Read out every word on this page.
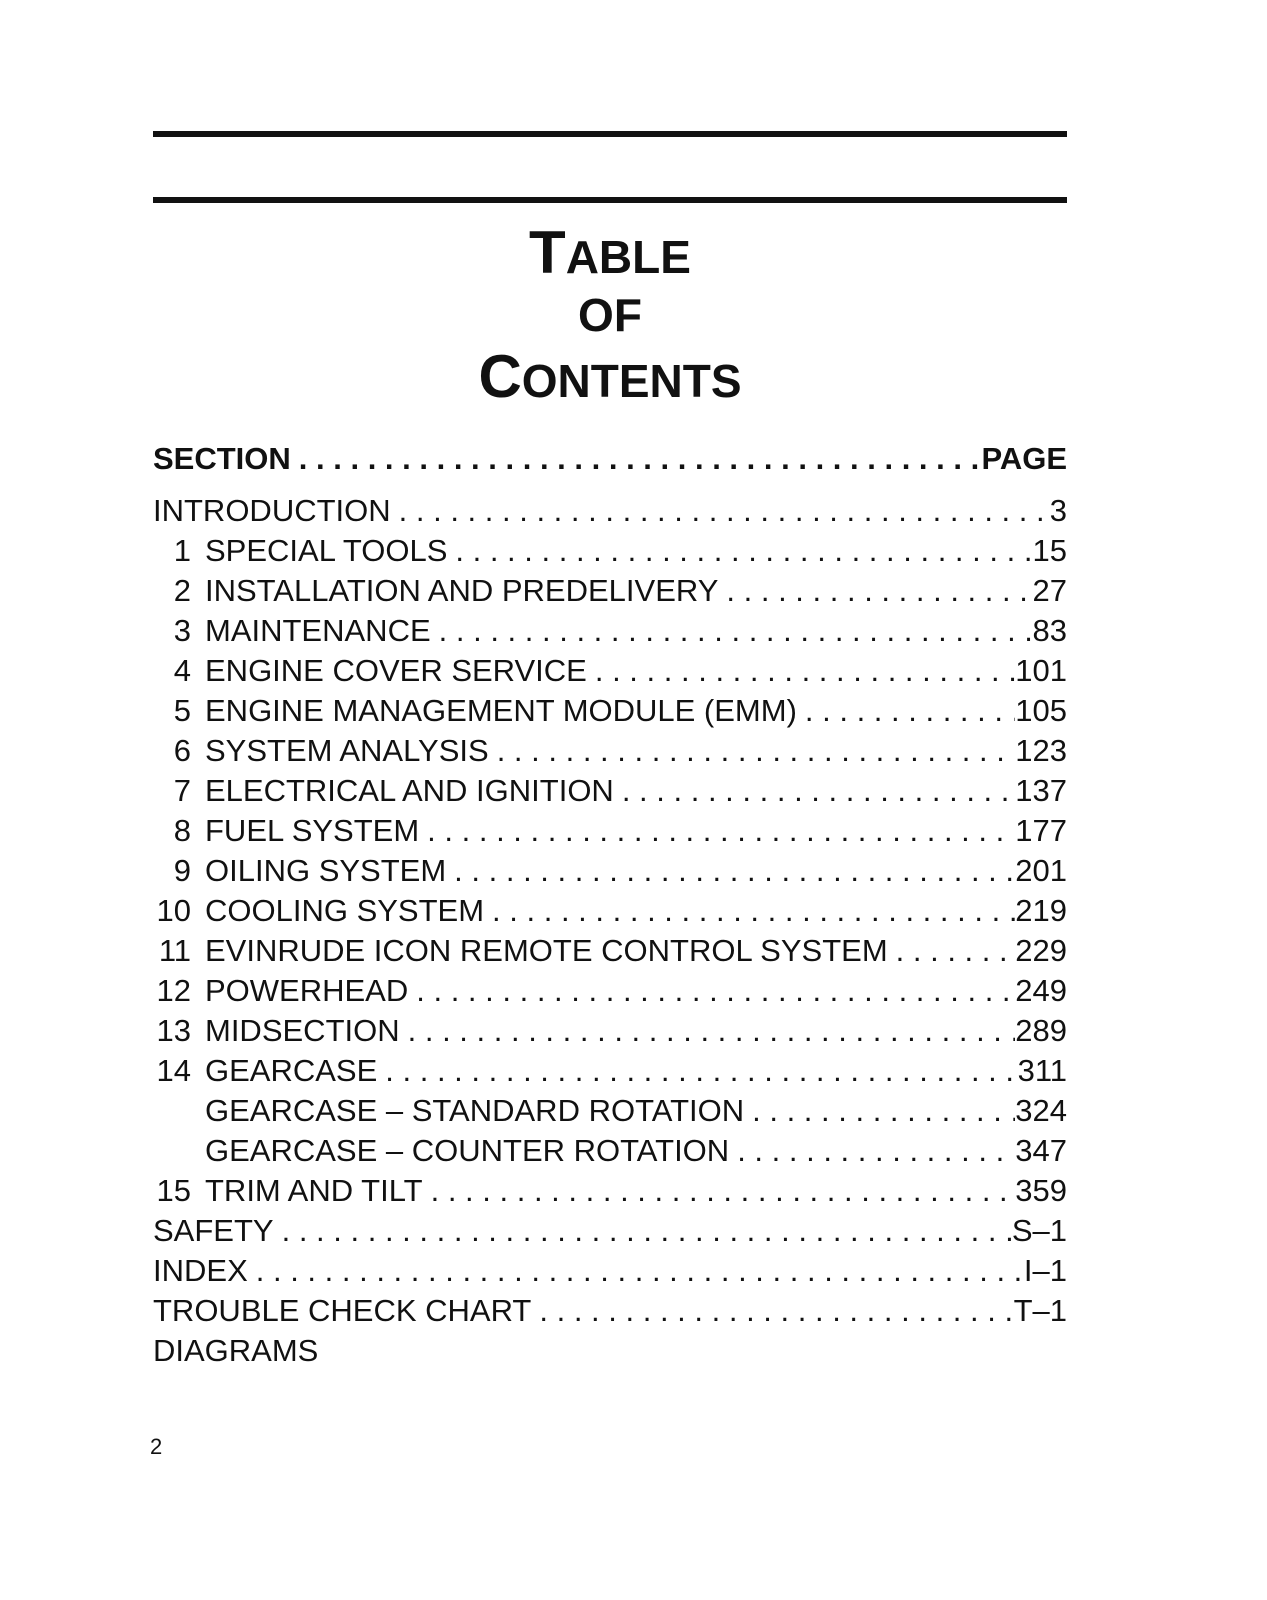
TABLE
OF
CONTENTS
SECTION . . .	PAGE
INTRODUCTION . . .	3
1 SPECIAL TOOLS . . .	15
2 INSTALLATION AND PREDELIVERY . . .	27
3 MAINTENANCE . . .	83
4 ENGINE COVER SERVICE . . .	101
5 ENGINE MANAGEMENT MODULE (EMM) . . .	105
6 SYSTEM ANALYSIS . . .	123
7 ELECTRICAL AND IGNITION . . .	137
8 FUEL SYSTEM . . .	177
9 OILING SYSTEM . . .	201
10 COOLING SYSTEM . . .	219
11 EVINRUDE ICON REMOTE CONTROL SYSTEM . . .	229
12 POWERHEAD . . .	249
13 MIDSECTION . . .	289
14 GEARCASE . . .	311
GEARCASE – STANDARD ROTATION . . .	324
GEARCASE – COUNTER ROTATION . . .	347
15 TRIM AND TILT . . .	359
SAFETY . . .	S–1
INDEX . . .	I–1
TROUBLE CHECK CHART . . .	T–1
DIAGRAMS
2
